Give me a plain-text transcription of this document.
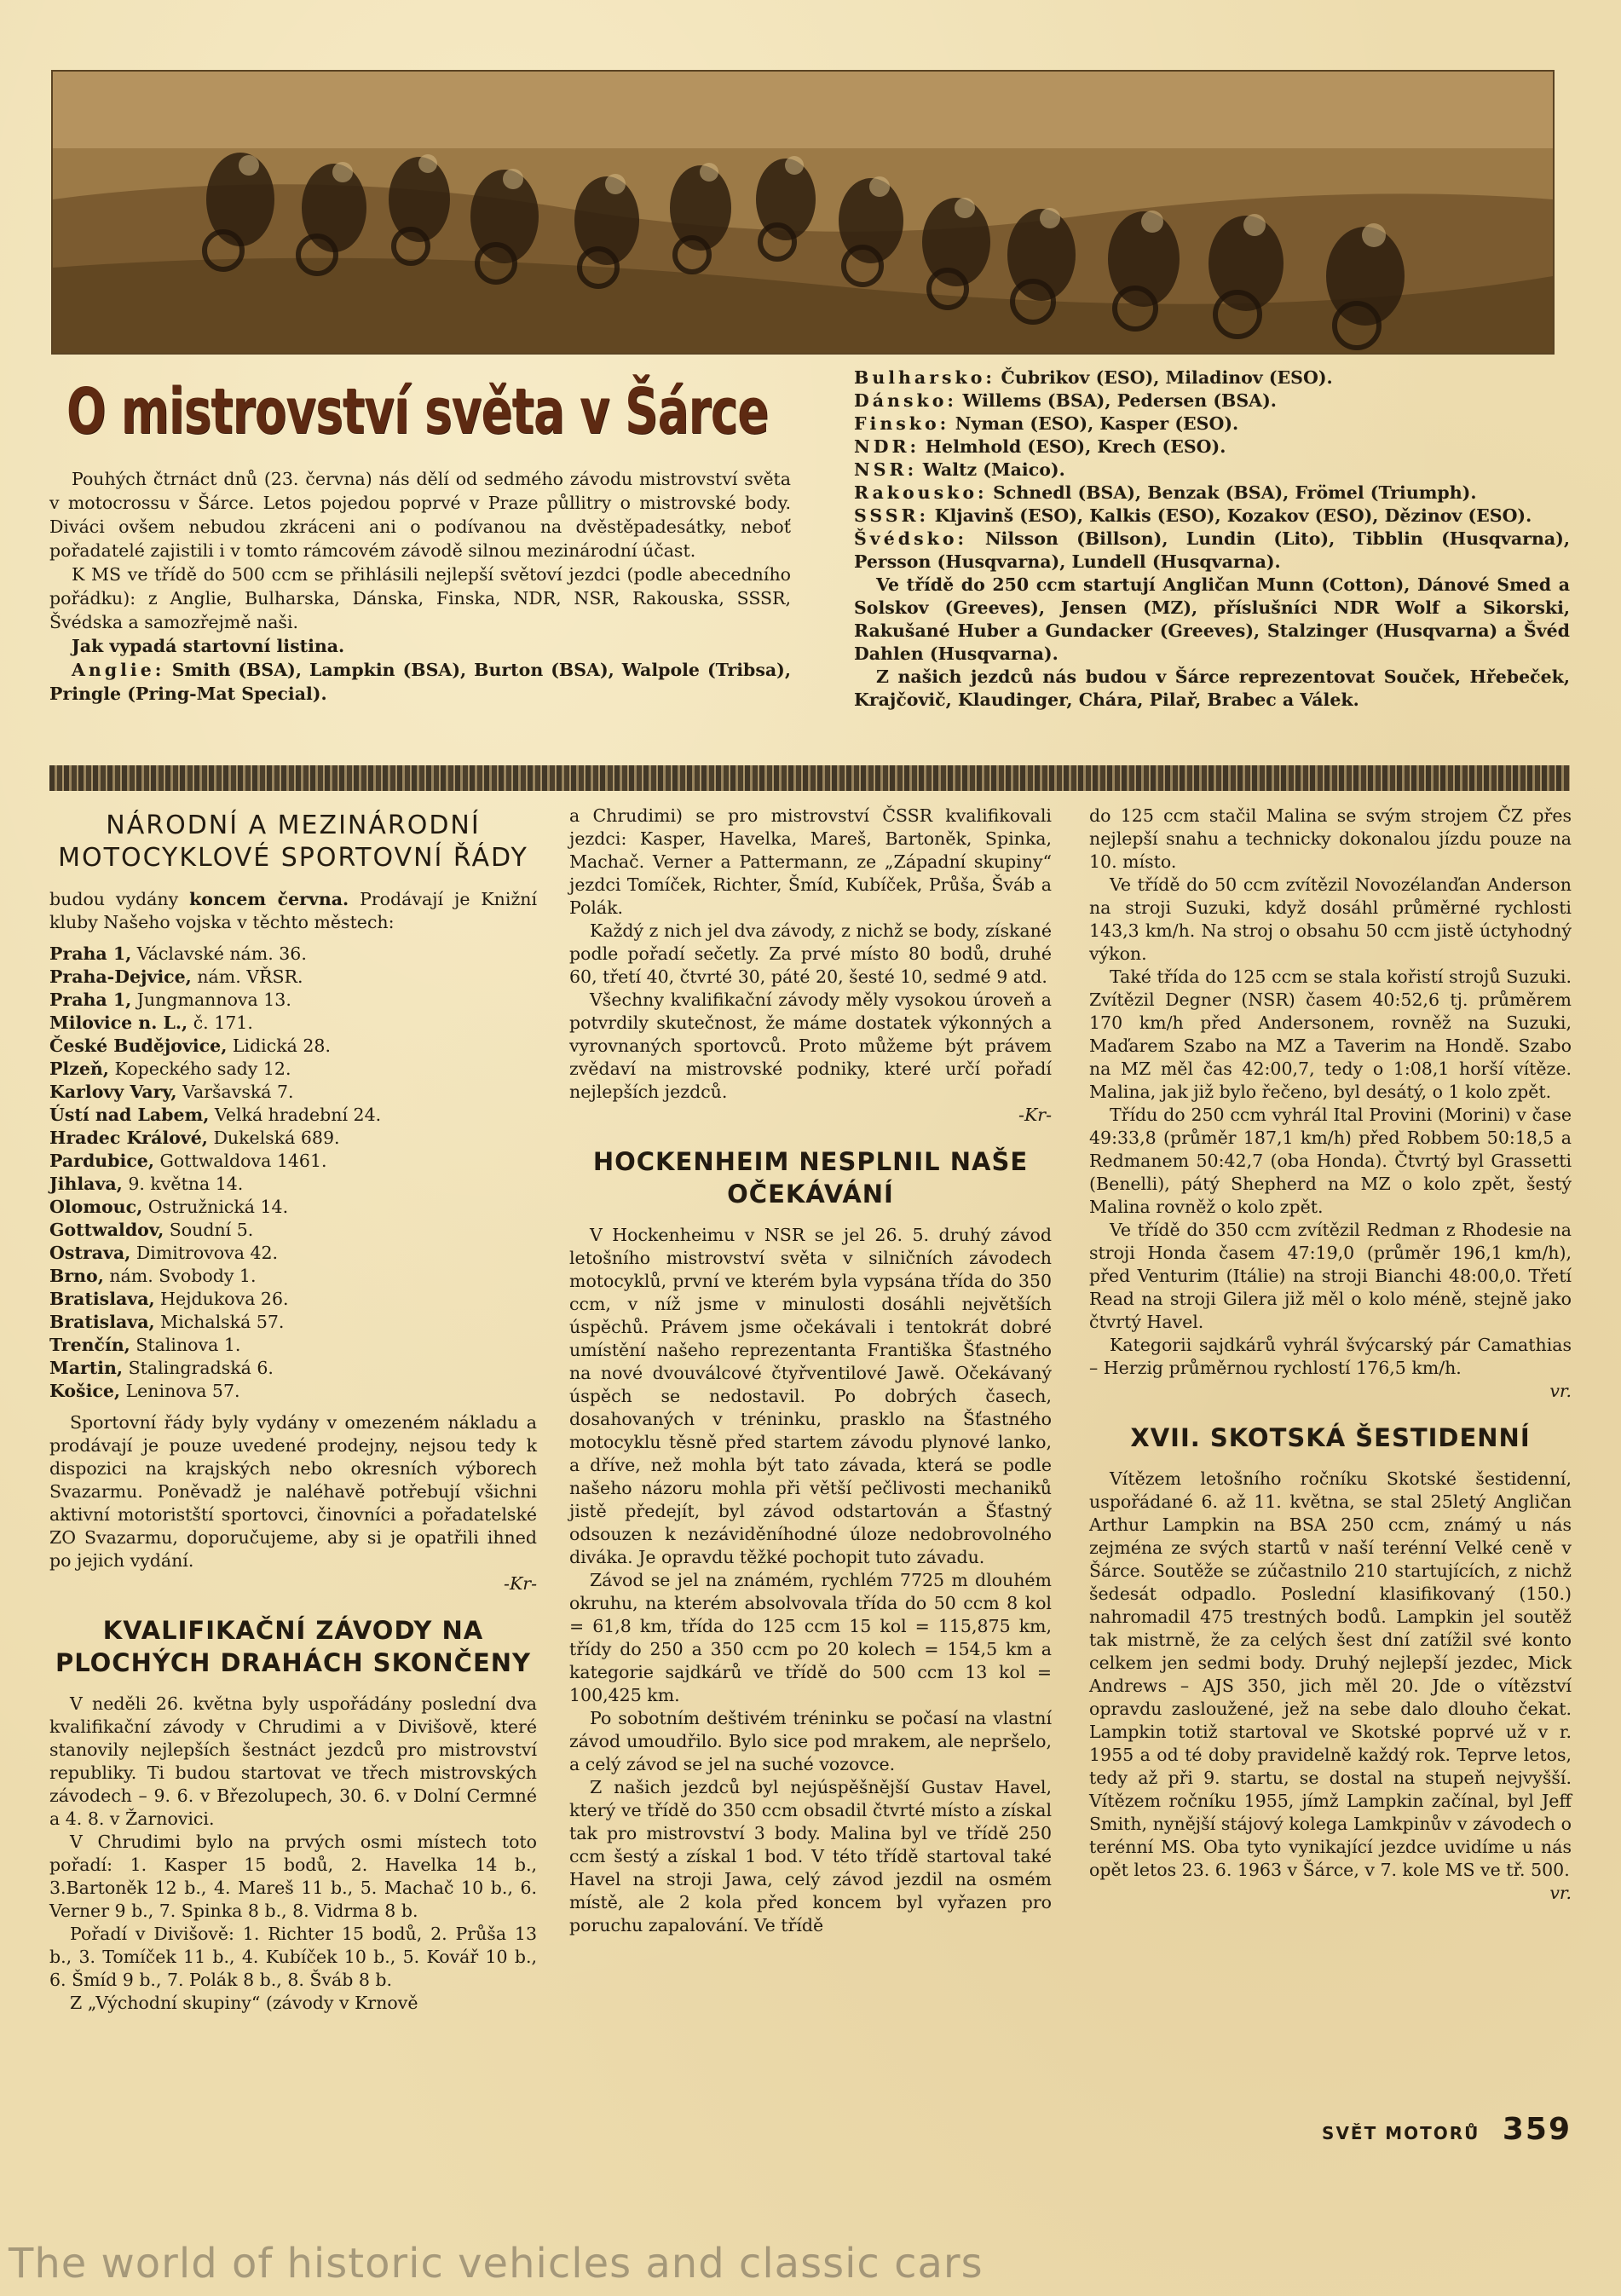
O mistrovství světa v Šárce

Pouhých čtrnáct dnů (23. června) nás dělí od sedmého závodu mistrovství světa v motocrossu v Šárce. Letos pojedou poprvé v Praze půllitry o mistrovské body. Diváci ovšem nebudou zkráceni ani o podívanou na dvěstěpadesátky, neboť pořadatelé zajistili i v tomto rámcovém závodě silnou mezinárodní účast.

K MS ve třídě do 500 ccm se přihlásili nejlepší světoví jezdci (podle abecedního pořádku): z Anglie, Bulharska, Dánska, Finska, NDR, NSR, Rakouska, SSSR, Švédska a samozřejmě naši.

Jak vypadá startovní listina.

Anglie: Smith (BSA), Lampkin (BSA), Burton (BSA), Walpole (Tribsa), Pringle (Pring-Mat Special).

Bulharsko: Čubrikov (ESO), Miladinov (ESO).

Dánsko: Willems (BSA), Pedersen (BSA).

Finsko: Nyman (ESO), Kasper (ESO).

NDR: Helmhold (ESO), Krech (ESO).

NSR: Waltz (Maico).

Rakousko: Schnedl (BSA), Benzak (BSA), Frömel (Triumph).

SSSR: Kljavinš (ESO), Kalkis (ESO), Kozakov (ESO), Dězinov (ESO).

Švédsko: Nilsson (Billson), Lundin (Lito), Tibblin (Husqvarna), Persson (Husqvarna), Lundell (Husqvarna).

Ve třídě do 250 ccm startují Angličan Munn (Cotton), Dánové Smed a Solskov (Greeves), Jensen (MZ), příslušníci NDR Wolf a Sikorski, Rakušané Huber a Gundacker (Greeves), Stalzinger (Husqvarna) a Švéd Dahlen (Husqvarna).

Z našich jezdců nás budou v Šárce reprezentovat Souček, Hřebeček, Krajčovič, Klaudinger, Chára, Pilař, Brabec a Válek.

NÁRODNÍ A MEZINÁRODNÍ MOTOCYKLOVÉ SPORTOVNÍ ŘÁDY

budou vydány koncem června. Prodávají je Knižní kluby Našeho vojska v těchto městech:

Praha 1, Václavské nám. 36.
Praha-Dejvice, nám. VŘSR.
Praha 1, Jungmannova 13.
Milovice n. L., č. 171.
České Budějovice, Lidická 28.
Plzeň, Kopeckého sady 12.
Karlovy Vary, Varšavská 7.
Ústí nad Labem, Velká hradební 24.
Hradec Králové, Dukelská 689.
Pardubice, Gottwaldova 1461.
Jihlava, 9. května 14.
Olomouc, Ostružnická 14.
Gottwaldov, Soudní 5.
Ostrava, Dimitrovova 42.
Brno, nám. Svobody 1.
Bratislava, Hejdukova 26.
Bratislava, Michalská 57.
Trenčín, Stalinova 1.
Martin, Stalingradská 6.
Košice, Leninova 57.

Sportovní řády byly vydány v omezeném nákladu a prodávají je pouze uvedené prodejny, nejsou tedy k dispozici na krajských nebo okresních výborech Svazarmu. Poněvadž je naléhavě potřebují všichni aktivní motoristští sportovci, činovníci a pořadatelské ZO Svazarmu, doporučujeme, aby si je opatřili ihned po jejich vydání.

-Kr-
KVALIFIKAČNÍ ZÁVODY NA PLOCHÝCH DRAHÁCH SKONČENY

V neděli 26. května byly uspořádány poslední dva kvalifikační závody v Chrudimi a v Divišově, které stanovily nejlepších šestnáct jezdců pro mistrovství republiky. Ti budou startovat ve třech mistrovských závodech – 9. 6. v Březolupech, 30. 6. v Dolní Cermné a 4. 8. v Žarnovici.

V Chrudimi bylo na prvých osmi místech toto pořadí: 1. Kasper 15 bodů, 2. Havelka 14 b., 3.Bartoněk 12 b., 4. Mareš 11 b., 5. Machač 10 b., 6. Verner 9 b., 7. Spinka 8 b., 8. Vidrma 8 b.

Pořadí v Divišově: 1. Richter 15 bodů, 2. Průša 13 b., 3. Tomíček 11 b., 4. Kubíček 10 b., 5. Kovář 10 b., 6. Šmíd 9 b., 7. Polák 8 b., 8. Šváb 8 b.

Z „Východní skupiny“ (závody v Krnově

a Chrudimi) se pro mistrovství ČSSR kvalifikovali jezdci: Kasper, Havelka, Mareš, Bartoněk, Spinka, Machač. Verner a Pattermann, ze „Západní skupiny“ jezdci Tomíček, Richter, Šmíd, Kubíček, Průša, Šváb a Polák.

Každý z nich jel dva závody, z nichž se body, získané podle pořadí sečetly. Za prvé místo 80 bodů, druhé 60, třetí 40, čtvrté 30, páté 20, šesté 10, sedmé 9 atd.

Všechny kvalifikační závody měly vysokou úroveň a potvrdily skutečnost, že máme dostatek výkonných a vyrovnaných sportovců. Proto můžeme být právem zvědaví na mistrovské podniky, které určí pořadí nejlepších jezdců.

-Kr-
HOCKENHEIM NESPLNIL NAŠE OČEKÁVÁNÍ

V Hockenheimu v NSR se jel 26. 5. druhý závod letošního mistrovství světa v silničních závodech motocyklů, první ve kterém byla vypsána třída do 350 ccm, v níž jsme v minulosti dosáhli největších úspěchů. Právem jsme očekávali i tentokrát dobré umístění našeho reprezentanta Františka Šťastného na nové dvouválcové čtyřventilové Jawě. Očekávaný úspěch se nedostavil. Po dobrých časech, dosahovaných v tréninku, prasklo na Šťastného motocyklu těsně před startem závodu plynové lanko, a dříve, než mohla být tato závada, která se podle našeho názoru mohla při větší pečlivosti mechaniků jistě předejít, byl závod odstartován a Šťastný odsouzen k nezáviděníhodné úloze nedobrovolného diváka. Je opravdu těžké pochopit tuto závadu.

Závod se jel na známém, rychlém 7725 m dlouhém okruhu, na kterém absolvovala třída do 50 ccm 8 kol = 61,8 km, třída do 125 ccm 15 kol = 115,875 km, třídy do 250 a 350 ccm po 20 kolech = 154,5 km a kategorie sajdkárů ve třídě do 500 ccm 13 kol = 100,425 km.

Po sobotním deštivém tréninku se počasí na vlastní závod umoudřilo. Bylo sice pod mrakem, ale nepršelo, a celý závod se jel na suché vozovce.

Z našich jezdců byl nejúspěšnější Gustav Havel, který ve třídě do 350 ccm obsadil čtvrté místo a získal tak pro mistrovství 3 body. Malina byl ve třídě 250 ccm šestý a získal 1 bod. V této třídě startoval také Havel na stroji Jawa, celý závod jezdil na osmém místě, ale 2 kola před koncem byl vyřazen pro poruchu zapalování. Ve třídě

do 125 ccm stačil Malina se svým strojem ČZ přes nejlepší snahu a technicky dokonalou jízdu pouze na 10. místo.

Ve třídě do 50 ccm zvítězil Novozélanďan Anderson na stroji Suzuki, když dosáhl průměrné rychlosti 143,3 km/h. Na stroj o obsahu 50 ccm jistě úctyhodný výkon.

Také třída do 125 ccm se stala kořistí strojů Suzuki. Zvítězil Degner (NSR) časem 40:52,6 tj. průměrem 170 km/h před Andersonem, rovněž na Suzuki, Maďarem Szabo na MZ a Taverim na Hondě. Szabo na MZ měl čas 42:00,7, tedy o 1:08,1 horší vítěze. Malina, jak již bylo řečeno, byl desátý, o 1 kolo zpět.

Třídu do 250 ccm vyhrál Ital Provini (Morini) v čase 49:33,8 (průměr 187,1 km/h) před Robbem 50:18,5 a Redmanem 50:42,7 (oba Honda). Čtvrtý byl Grassetti (Benelli), pátý Shepherd na MZ o kolo zpět, šestý Malina rovněž o kolo zpět.

Ve třídě do 350 ccm zvítězil Redman z Rhodesie na stroji Honda časem 47:19,0 (průměr 196,1 km/h), před Venturim (Itálie) na stroji Bianchi 48:00,0. Třetí Read na stroji Gilera již měl o kolo méně, stejně jako čtvrtý Havel.

Kategorii sajdkárů vyhrál švýcarský pár Camathias – Herzig průměrnou rychlostí 176,5 km/h.

vr.
XVII. SKOTSKÁ ŠESTIDENNÍ

Vítězem letošního ročníku Skotské šestidenní, uspořádané 6. až 11. května, se stal 25letý Angličan Arthur Lampkin na BSA 250 ccm, známý u nás zejména ze svých startů v naší terénní Velké ceně v Šárce. Soutěže se zúčastnilo 210 startujících, z nichž šedesát odpadlo. Poslední klasifikovaný (150.) nahromadil 475 trestných bodů. Lampkin jel soutěž tak mistrně, že za celých šest dní zatížil své konto celkem jen sedmi body. Druhý nejlepší jezdec, Mick Andrews – AJS 350, jich měl 20. Jde o vítězství opravdu zasloužené, jež na sebe dalo dlouho čekat. Lampkin totiž startoval ve Skotské poprvé už v r. 1955 a od té doby pravidelně každý rok. Teprve letos, tedy až při 9. startu, se dostal na stupeň nejvyšší. Vítězem ročníku 1955, jímž Lampkin začínal, byl Jeff Smith, nynější stájový kolega Lamkpinův v závodech o terénní MS. Oba tyto vynikající jezdce uvidíme u nás opět letos 23. 6. 1963 v Šárce, v 7. kole MS ve tř. 500.

vr.
SVĚT MOTORŮ 359
The world of historic vehicles and classic cars
